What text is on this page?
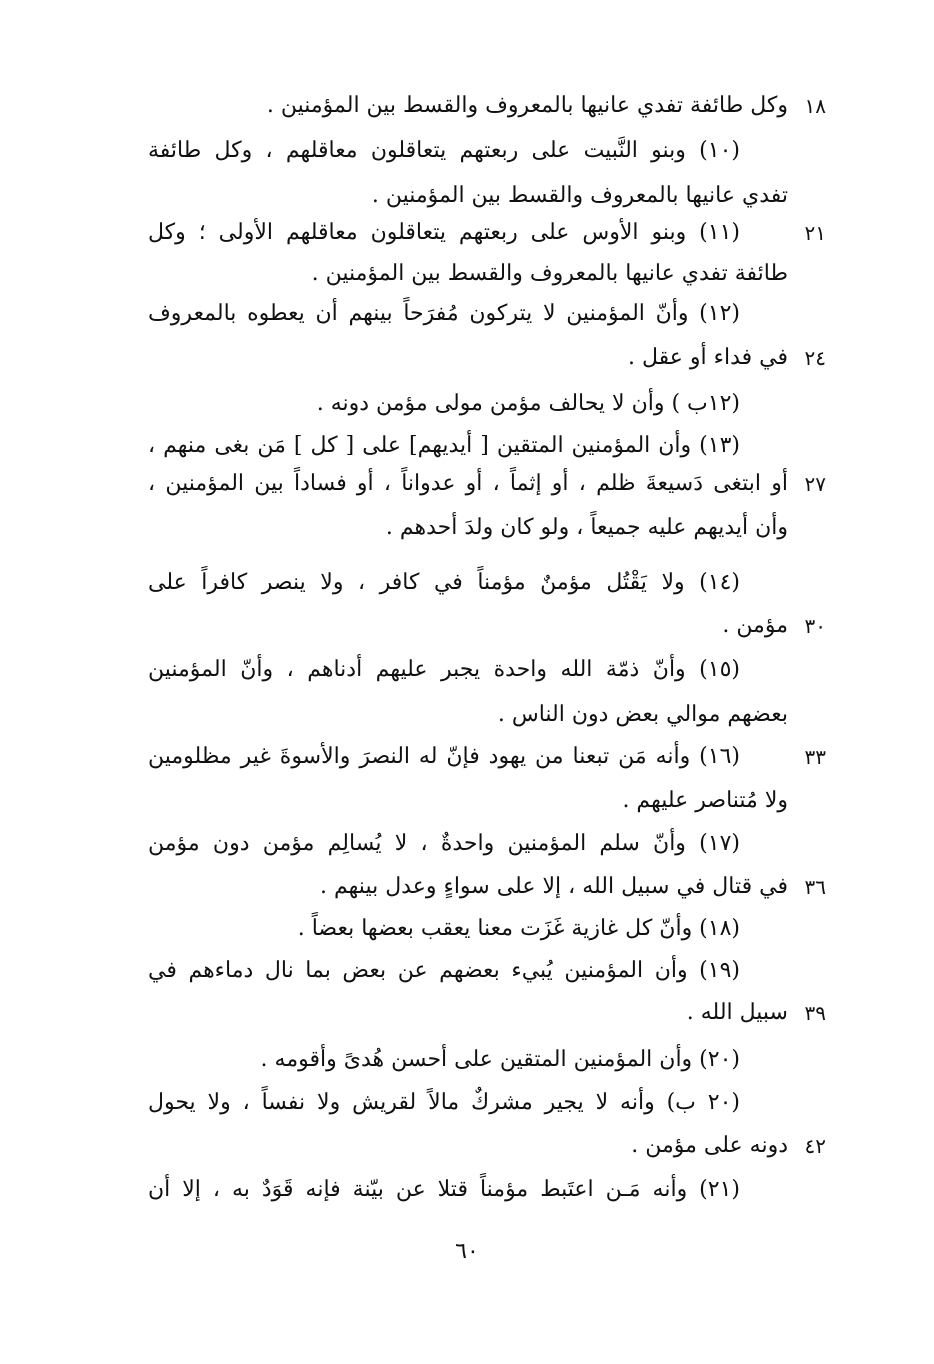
١٨
وكل طائفة تفدي عانيها بالمعروف والقسط بين المؤمنين .
(١٠) وبنو النَّبيت على ربعتهم يتعاقلون معاقلهم ، وكل طائفة
تفدي عانيها بالمعروف والقسط بين المؤمنين .
٢١
(١١) وبنو الأوس على ربعتهم يتعاقلون معاقلهم الأولى ؛ وكل
طائفة تفدي عانيها بالمعروف والقسط بين المؤمنين .
(١٢) وأنّ المؤمنين لا يتركون مُفرَحاً بينهم أن يعطوه بالمعروف
٢٤
في فداء أو عقل .
(١٢ب ) وأن لا يحالف مؤمن مولى مؤمن دونه .
(١٣) وأن المؤمنين المتقين [ أيديهم] على [ كل ] مَن بغى منهم ،
٢٧
أو ابتغى دَسيعةَ ظلم ، أو إثماً ، أو عدواناً ، أو فساداً بين المؤمنين ،
وأن أيديهم عليه جميعاً ، ولو كان ولدَ أحدهم .
(١٤) ولا يَقْتُل مؤمنٌ مؤمناً في كافر ، ولا ينصر كافراً على
٣٠
مؤمن .
(١٥) وأنّ ذمّة الله واحدة يجبر عليهم أدناهم ، وأنّ المؤمنين
بعضهم موالي بعض دون الناس .
٣٣
(١٦) وأنه مَن تبعنا من يهود فإنّ له النصرَ والأسوةَ غير مظلومين
ولا مُتناصر عليهم .
(١٧) وأنّ سلم المؤمنين واحدةٌ ، لا يُسالِم مؤمن دون مؤمن
٣٦
في قتال في سبيل الله ، إلا على سواءٍ وعدل بينهم .
(١٨) وأنّ كل غازية غَزَت معنا يعقب بعضها بعضاً .
(١٩) وأن المؤمنين يُبيء بعضهم عن بعض بما نال دماءهم في
٣٩
سبيل الله .
(٢٠) وأن المؤمنين المتقين على أحسن هُدىً وأقومه .
(٢٠ ب) وأنه لا يجير مشركٌ مالاً لقريش ولا نفساً ، ولا يحول
٤٢
دونه على مؤمن .
(٢١) وأنه مَـن اعتَبط مؤمناً قتلا عن بيّنة فإنه قَوَدٌ به ، إلا أن
٦٠
